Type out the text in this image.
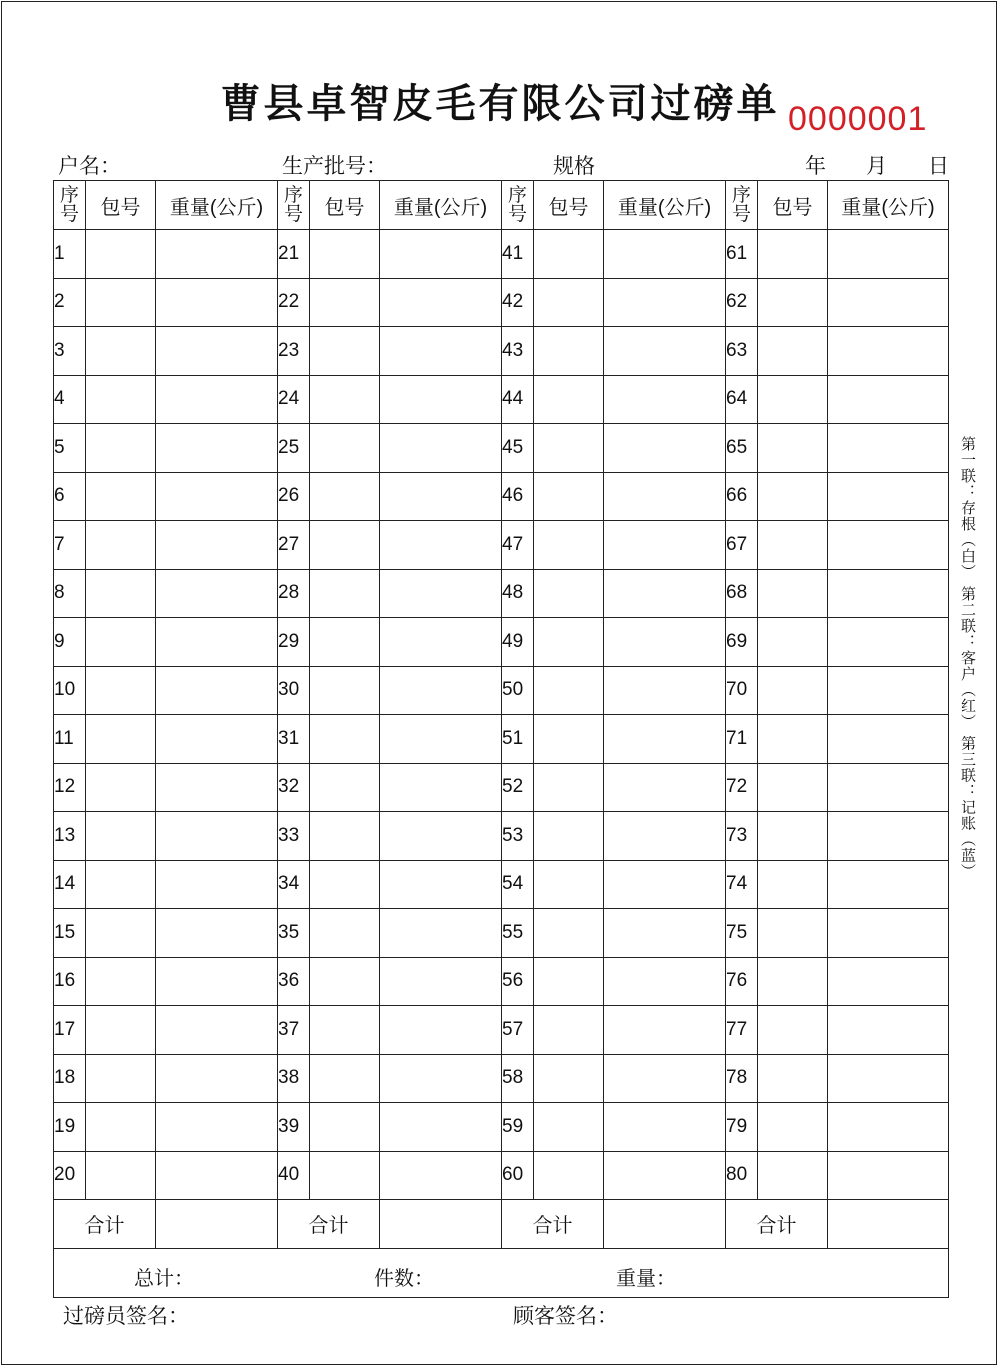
曹县卓智皮毛有限公司过磅单 0000001
户名：	生产批号：	规格	年 月 日
序号	包号	重量(公斤)	序号	包号	重量(公斤)	序号	包号	重量(公斤)	序号	包号	重量(公斤)
1			21			41			61		
2			22			42			62		
3			23			43			63		
4			24			44			64		
5			25			45			65		
6			26			46			66		
7			27			47			67		
8			28			48			68		
9			29			49			69		
10			30			50			70		
11			31			51			71		
12			32			52			72		
13			33			53			73		
14			34			54			74		
15			35			55			75		
16			36			56			76		
17			37			57			77		
18			38			58			78		
19			39			59			79		
20			40			60			80		
合计			合计			合计			合计		

总计： 件数： 重量：											
第一联：存根（白） 第二联：客户（红） 第三联：记账（蓝）
过磅员签名：	顾客签名：
